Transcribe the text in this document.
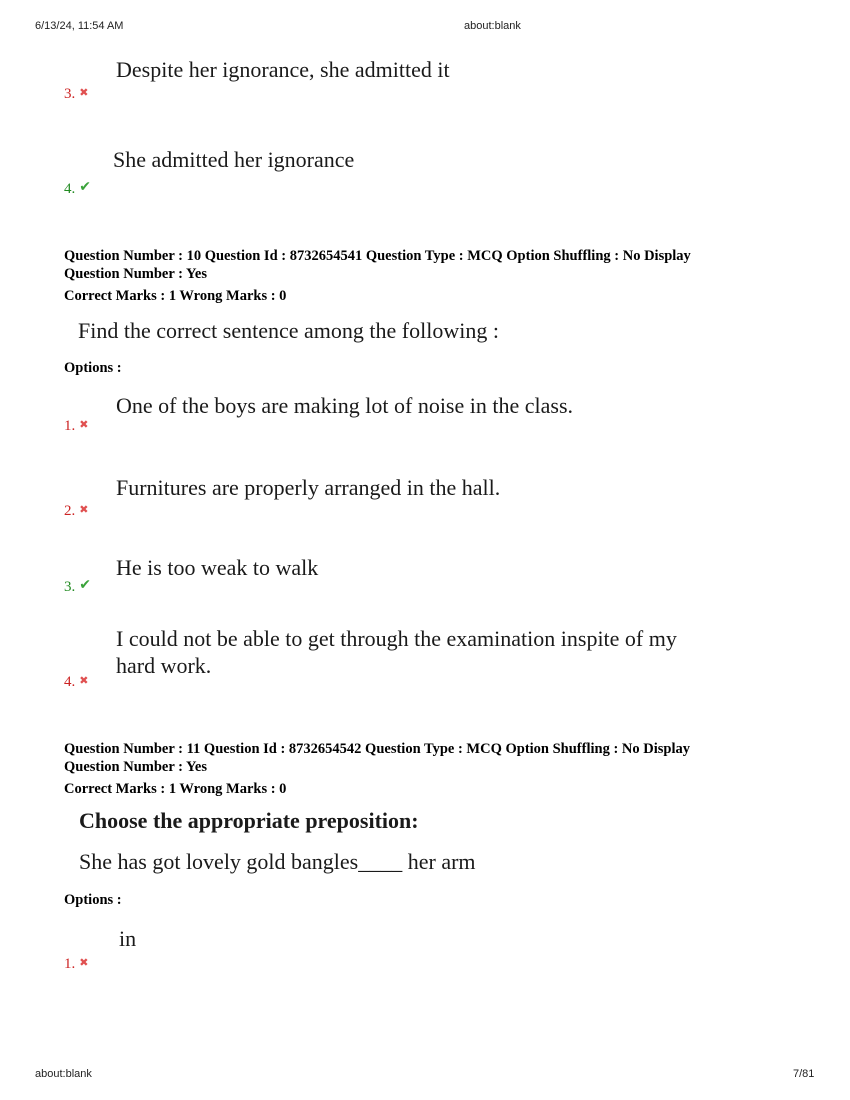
6/13/24, 11:54 AM	about:blank
Despite her ignorance, she admitted it
3. ✖
She admitted her ignorance
4. ✔
Question Number : 10 Question Id : 8732654541 Question Type : MCQ Option Shuffling : No Display
Question Number : Yes
Correct Marks : 1 Wrong Marks : 0
Find the correct sentence among the following :
Options :
One of the boys are making lot of noise in the class.
1. ✖
Furnitures are properly arranged in the hall.
2. ✖
He is too weak to walk
3. ✔
I could not be able to get through the examination inspite of my
hard work.
4. ✖
Question Number : 11 Question Id : 8732654542 Question Type : MCQ Option Shuffling : No Display
Question Number : Yes
Correct Marks : 1 Wrong Marks : 0
Choose the appropriate preposition:
She has got lovely gold bangles____ her arm
Options :
in
1. ✖
about:blank	7/81
